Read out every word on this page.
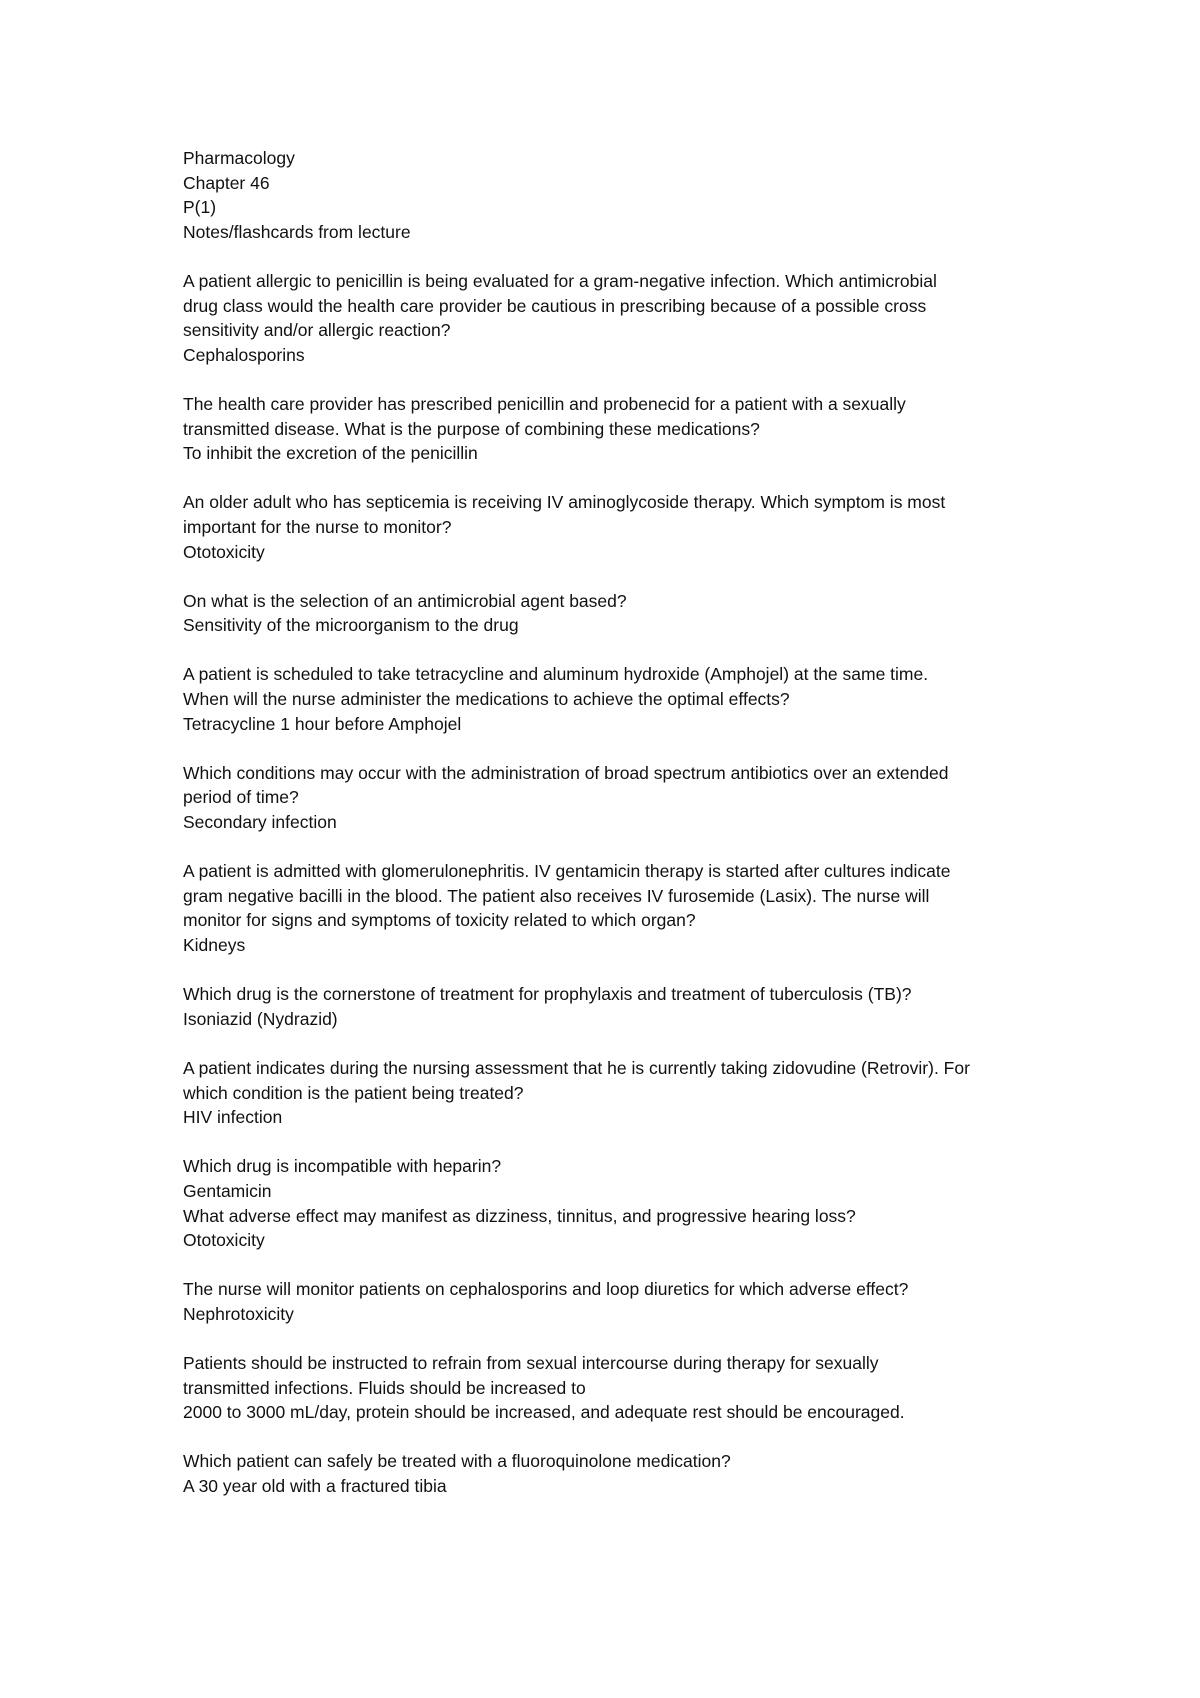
Pharmacology
Chapter 46
P(1)
Notes/flashcards from lecture
A patient allergic to penicillin is being evaluated for a gram-negative infection. Which antimicrobial
drug class would the health care provider be cautious in prescribing because of a possible cross
sensitivity and/or allergic reaction?
Cephalosporins
The health care provider has prescribed penicillin and probenecid for a patient with a sexually
transmitted disease. What is the purpose of combining these medications?
To inhibit the excretion of the penicillin
An older adult who has septicemia is receiving IV aminoglycoside therapy. Which symptom is most
important for the nurse to monitor?
Ototoxicity
On what is the selection of an antimicrobial agent based?
Sensitivity of the microorganism to the drug
A patient is scheduled to take tetracycline and aluminum hydroxide (Amphojel) at the same time.
When will the nurse administer the medications to achieve the optimal effects?
Tetracycline 1 hour before Amphojel
Which conditions may occur with the administration of broad spectrum antibiotics over an extended
period of time?
Secondary infection
A patient is admitted with glomerulonephritis. IV gentamicin therapy is started after cultures indicate
gram negative bacilli in the blood. The patient also receives IV furosemide (Lasix). The nurse will
monitor for signs and symptoms of toxicity related to which organ?
Kidneys
Which drug is the cornerstone of treatment for prophylaxis and treatment of tuberculosis (TB)?
Isoniazid (Nydrazid)
A patient indicates during the nursing assessment that he is currently taking zidovudine (Retrovir). For
which condition is the patient being treated?
HIV infection
Which drug is incompatible with heparin?
Gentamicin
What adverse effect may manifest as dizziness, tinnitus, and progressive hearing loss?
Ototoxicity
The nurse will monitor patients on cephalosporins and loop diuretics for which adverse effect?
Nephrotoxicity
Patients should be instructed to refrain from sexual intercourse during therapy for sexually
transmitted infections. Fluids should be increased to
2000 to 3000 mL/day, protein should be increased, and adequate rest should be encouraged.
Which patient can safely be treated with a fluoroquinolone medication?
A 30 year old with a fractured tibia
